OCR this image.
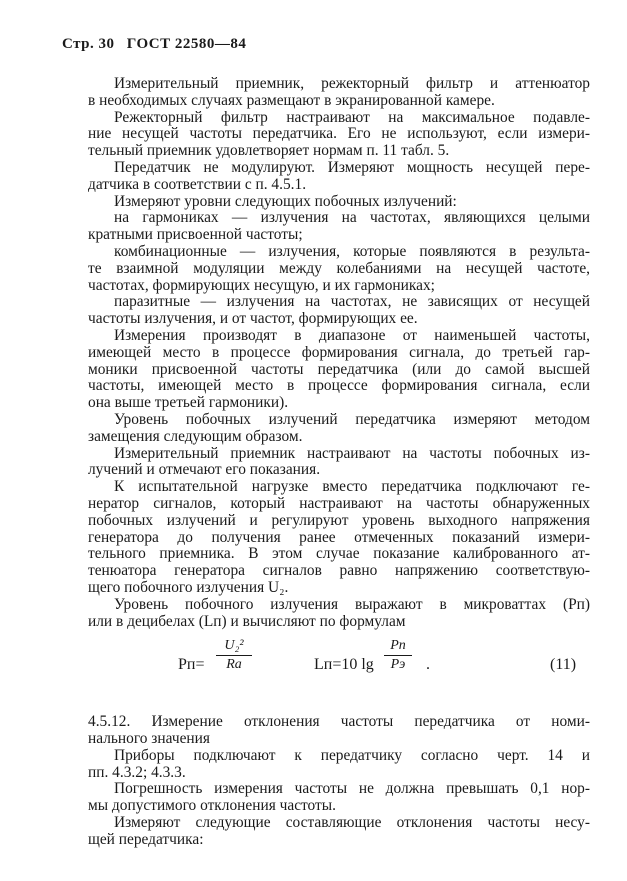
Стр. 30 ГОСТ 22580—84
Измерительный приемник, режекторный фильтр и аттенюатор
в необходимых случаях размещают в экранированной камере.
Режекторный фильтр настраивают на максимальное подавле-
ние несущей частоты передатчика. Его не используют, если измери-
тельный приемник удовлетворяет нормам п. 11 табл. 5.
Передатчик не модулируют. Измеряют мощность несущей пере-
датчика в соответствии с п. 4.5.1.
Измеряют уровни следующих побочных излучений:
на гармониках — излучения на частотах, являющихся целыми
кратными присвоенной частоты;
комбинационные — излучения, которые появляются в результа-
те взаимной модуляции между колебаниями на несущей частоте,
частотах, формирующих несущую, и их гармониках;
паразитные — излучения на частотах, не зависящих от несущей
частоты излучения, и от частот, формирующих ее.
Измерения производят в диапазоне от наименьшей частоты,
имеющей место в процессе формирования сигнала, до третьей гар-
моники присвоенной частоты передатчика (или до самой высшей
частоты, имеющей место в процессе формирования сигнала, если
она выше третьей гармоники).
Уровень побочных излучений передатчика измеряют методом
замещения следующим образом.
Измерительный приемник настраивают на частоты побочных из-
лучений и отмечают его показания.
К испытательной нагрузке вместо передатчика подключают ге-
нератор сигналов, который настраивают на частоты обнаруженных
побочных излучений и регулируют уровень выходного напряжения
генератора до получения ранее отмеченных показаний измери-
тельного приемника. В этом случае показание калиброванного ат-
тенюатора генератора сигналов равно напряжению соответствую-
щего побочного излучения U₂.
Уровень побочного излучения выражают в микроваттах (Pп)
или в децибелах (Lп) и вычисляют по формулам
Pп=
U₂²
Rа	Lп=10 lg
Pп
Pэ	.	(11)
4.5.12. Измерение отклонения частоты передатчика от номи-
нального значения
Приборы подключают к передатчику согласно черт. 14 и
пп. 4.3.2; 4.3.3.
Погрешность измерения частоты не должна превышать 0,1 нор-
мы допустимого отклонения частоты.
Измеряют следующие составляющие отклонения частоты несу-
щей передатчика:
